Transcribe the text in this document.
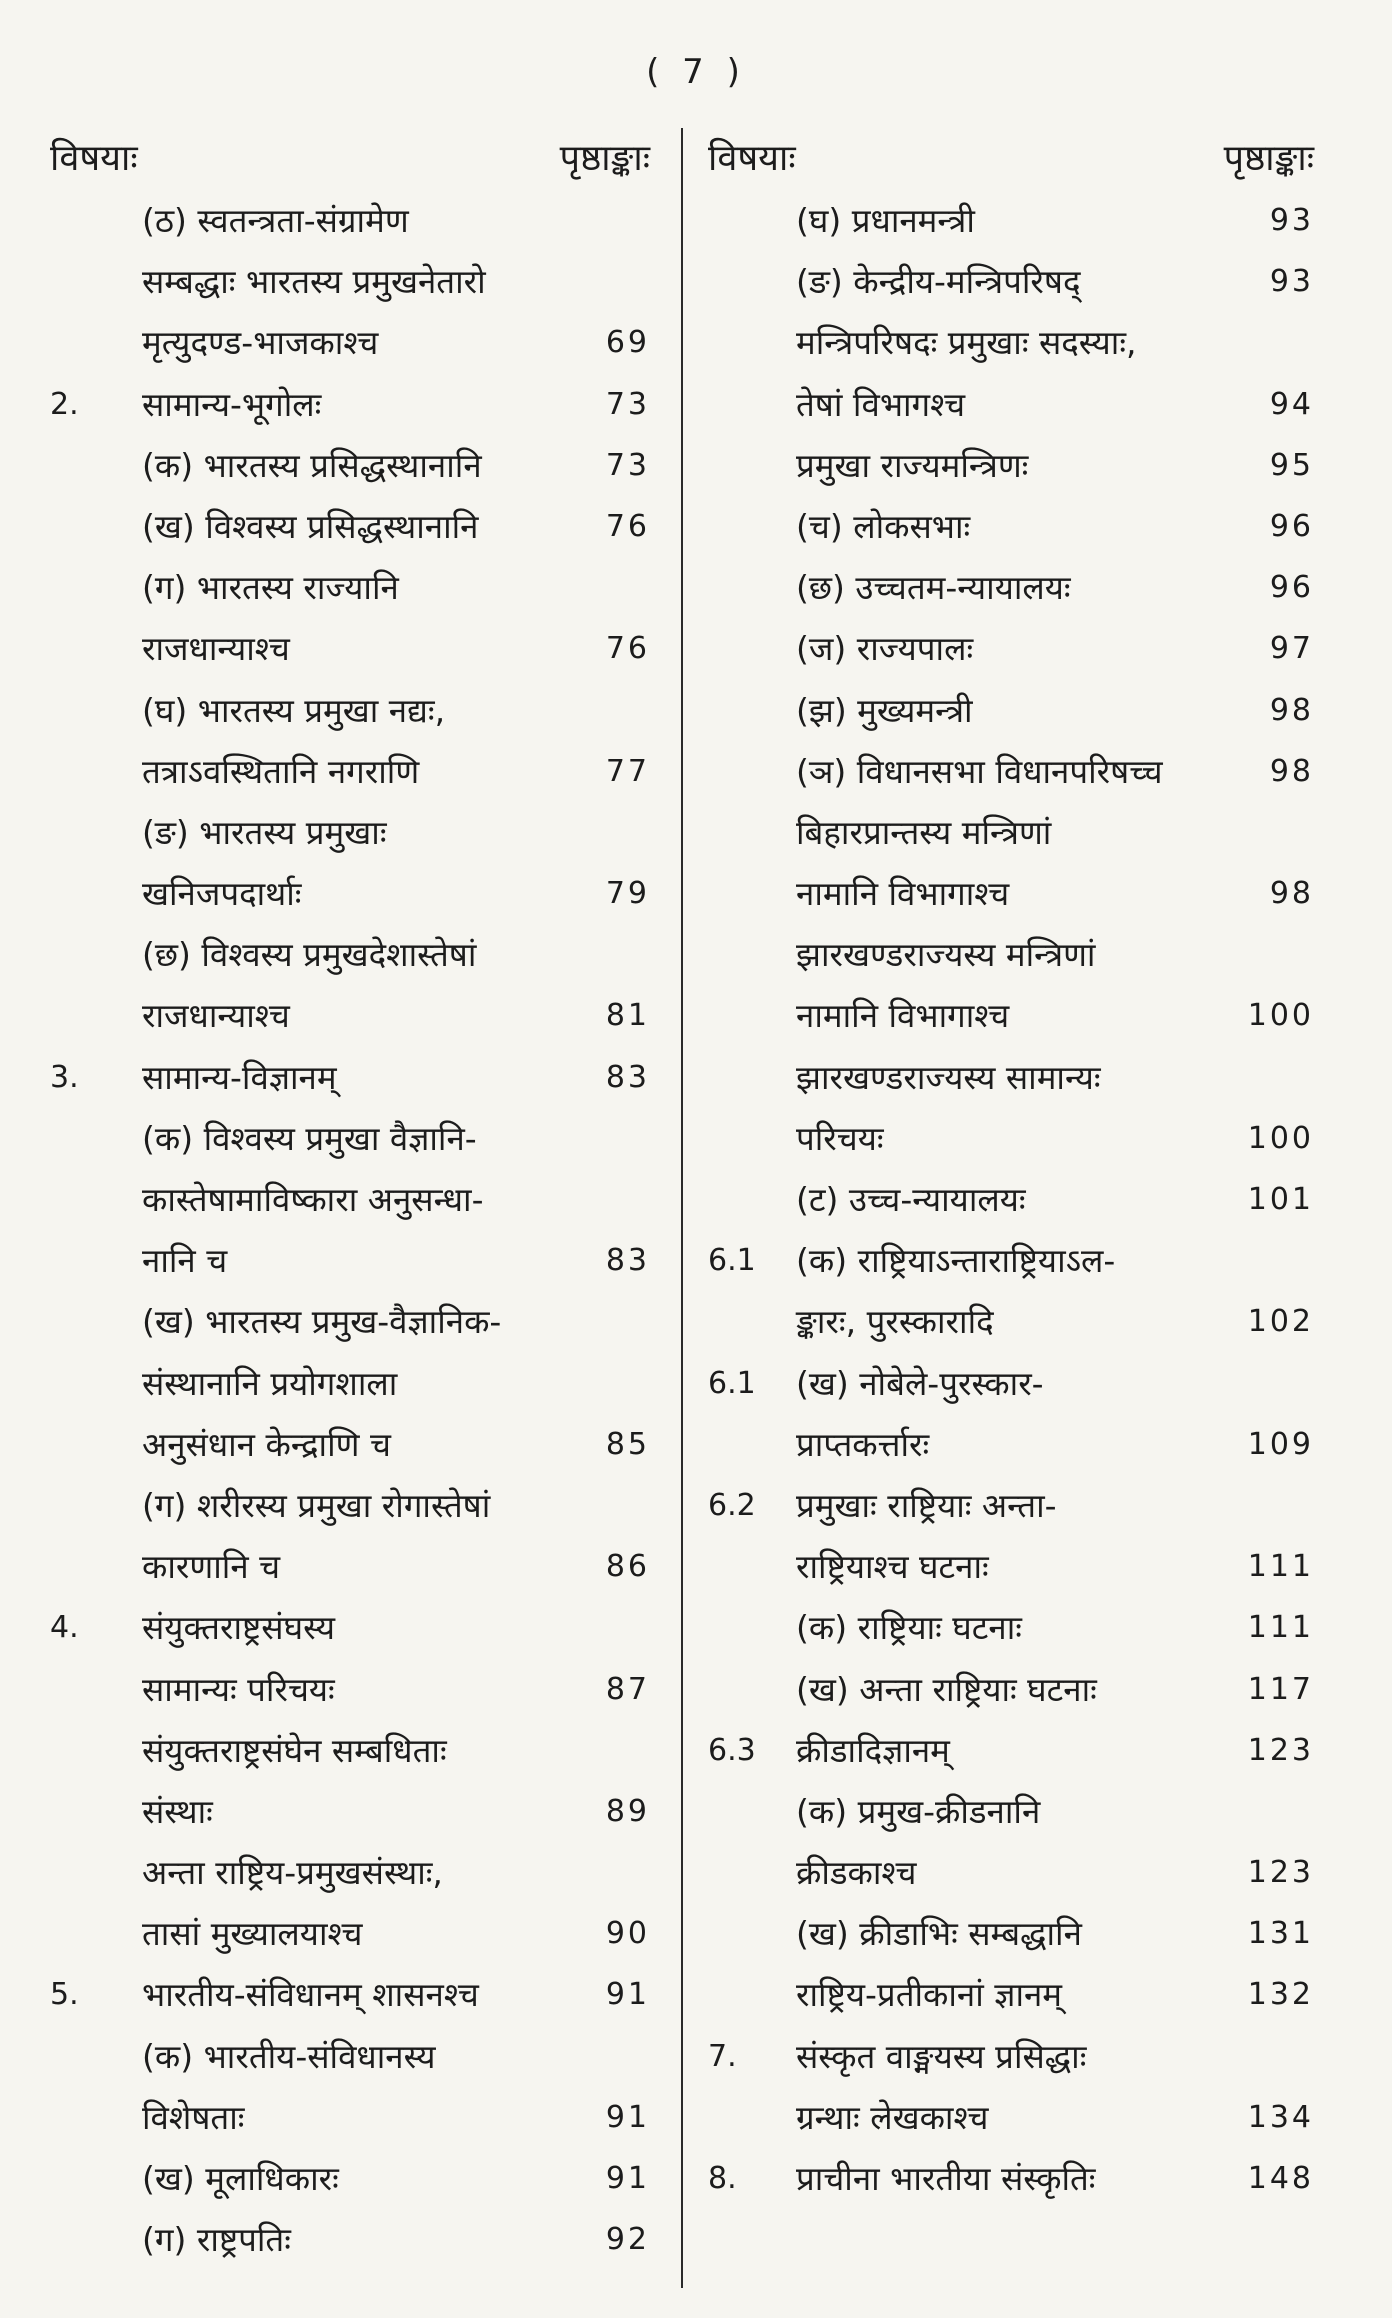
( 7 )
विषयाः	पृष्ठाङ्काः
(ठ) स्वतन्त्रता-संग्रामेण
सम्बद्धाः भारतस्य प्रमुखनेतारो
मृत्युदण्ड-भाजकाश्च	69
2. सामान्य-भूगोलः	73
(क) भारतस्य प्रसिद्धस्थानानि	73
(ख) विश्वस्य प्रसिद्धस्थानानि	76
(ग) भारतस्य राज्यानि
राजधान्याश्च	76
(घ) भारतस्य प्रमुखा नद्यः,
तत्राऽवस्थितानि नगराणि	77
(ङ) भारतस्य प्रमुखाः
खनिजपदार्थाः	79
(छ) विश्वस्य प्रमुखदेशास्तेषां
राजधान्याश्च	81
3. सामान्य-विज्ञानम्	83
(क) विश्वस्य प्रमुखा वैज्ञानि-
कास्तेषामाविष्कारा अनुसन्धा-
नानि च	83
(ख) भारतस्य प्रमुख-वैज्ञानिक-
संस्थानानि प्रयोगशाला
अनुसंधान केन्द्राणि च	85
(ग) शरीरस्य प्रमुखा रोगास्तेषां
कारणानि च	86
4. संयुक्तराष्ट्रसंघस्य
सामान्यः परिचयः	87
संयुक्तराष्ट्रसंघेन सम्बधिताः
संस्थाः	89
अन्ता राष्ट्रिय-प्रमुखसंस्थाः,
तासां मुख्यालयाश्च	90
5. भारतीय-संविधानम् शासनश्च	91
(क) भारतीय-संविधानस्य
विशेषताः	91
(ख) मूलाधिकारः	91
(ग) राष्ट्रपतिः	92
विषयाः	पृष्ठाङ्काः
(घ) प्रधानमन्त्री	93
(ङ) केन्द्रीय-मन्त्रिपरिषद्	93
मन्त्रिपरिषदः प्रमुखाः सदस्याः,
तेषां विभागश्च	94
प्रमुखा राज्यमन्त्रिणः	95
(च) लोकसभाः	96
(छ) उच्चतम-न्यायालयः	96
(ज) राज्यपालः	97
(झ) मुख्यमन्त्री	98
(ञ) विधानसभा विधानपरिषच्च	98
बिहारप्रान्तस्य मन्त्रिणां
नामानि विभागाश्च	98
झारखण्डराज्यस्य मन्त्रिणां
नामानि विभागाश्च	100
झारखण्डराज्यस्य सामान्यः
परिचयः	100
(ट) उच्च-न्यायालयः	101
6.1 (क) राष्ट्रियाऽन्ताराष्ट्रियाऽल-
ङ्कारः, पुरस्कारादि	102
6.1 (ख) नोबेले-पुरस्कार-
प्राप्तकर्त्तारः	109
6.2 प्रमुखाः राष्ट्रियाः अन्ता-
राष्ट्रियाश्च घटनाः	111
(क) राष्ट्रियाः घटनाः	111
(ख) अन्ता राष्ट्रियाः घटनाः	117
6.3 क्रीडादिज्ञानम्	123
(क) प्रमुख-क्रीडनानि
क्रीडकाश्च	123
(ख) क्रीडाभिः सम्बद्धानि	131
राष्ट्रिय-प्रतीकानां ज्ञानम्	132
7. संस्कृत वाङ्मयस्य प्रसिद्धाः
ग्रन्थाः लेखकाश्च	134
8. प्राचीना भारतीया संस्कृतिः	148
